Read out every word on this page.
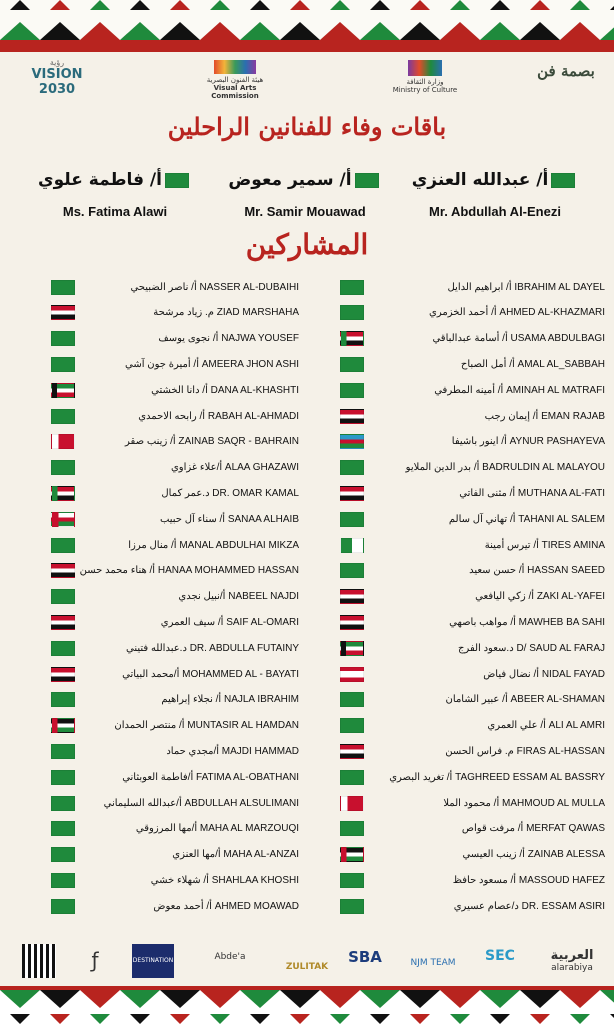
رؤية
VISION 2030
هيئة الفنون البصرية
Visual Arts Commission
وزارة الثقافة
Ministry of Culture
بصمة فن
باقات وفاء للفنانين الراحلين
أ/ عبدالله العنزي
Mr. Abdullah Al-Enezi
أ/ سمير معوض
Mr. Samir Mouawad
أ/ فاطمة علوي
Ms. Fatima Alawi
المشاركين
أ/ ابراهيم الدايل IBRAHIM AL DAYEL
أ/ أحمد الخزمري AHMED AL-KHAZMARI
أ/ أسامة عبدالباقي USAMA ABDULBAGI
أ/ أمل الصباح AMAL AL_SABBAH
أ/ أمينه المطرفي AMINAH AL MATRAFI
أ/ إيمان رجب EMAN RAJAB
أ/ اينور باشيفا AYNUR PASHAYEVA
أ/ بدر الدين الملايو BADRULDIN AL MALAYOU
أ/ مثنى الفاتي MUTHANA AL-FATI
أ/ تهاني آل سالم TAHANI AL SALEM
أ/ تيرس أمينة TIRES AMINA
أ/ حسن سعيد HASSAN SAEED
أ/ زكي اليافعي ZAKI AL-YAFEI
أ/ مواهب باصهي MAWHEB BA SAHI
د.سعود الفرج D/ SAUD AL FARAJ
أ/ نضال فياض NIDAL FAYAD
أ/ عبير الشامان ABEER AL-SHAMAN
أ/ علي العمري ALI AL AMRI
م. فراس الحسن FIRAS AL-HASSAN
أ/ تغريد البصري TAGHREED ESSAM AL BASSRY
أ/ محمود الملا MAHMOUD AL MULLA
أ/ مرفت قواص MERFAT QAWAS
أ/ زينب العيسي ZAINAB ALESSA
أ/ مسعود حافظ MASSOUD HAFEZ
د/عصام عسيري DR. ESSAM ASIRI
أ/ ناصر الضبيحي NASSER AL-DUBAIHI
م. زياد مرشحة ZIAD MARSHAHA
أ/ نجوى يوسف NAJWA YOUSEF
أ/ أميرة جون آشي AMEERA JHON ASHI
أ/ دانا الخشتي DANA AL-KHASHTI
أ/ رابحه الاحمدي RABAH AL-AHMADI
أ/ زينب صقر ZAINAB SAQR - BAHRAIN
أ/علاء غزاوي ALAA GHAZAWI
د.عمر كمال DR. OMAR KAMAL
أ/ سناء آل حبيب SANAA ALHAIB
أ/ منال مرزا MANAL ABDULHAI MIKZA
أ/ هناء محمد حسن HANAA MOHAMMED HASSAN
أ/نبيل نجدي NABEEL NAJDI
أ/ سيف العمري SAIF AL-OMARI
د.عبدالله فتيني DR. ABDULLA FUTAINY
أ/محمد البياتي MOHAMMED AL - BAYATI
أ/ نجلاء إبراهيم NAJLA IBRAHIM
أ/ منتصر الحمدان MUNTASIR AL HAMDAN
أ/مجدي حماد MAJDI HAMMAD
أ/فاطمة العوبثاني FATIMA AL-OBATHANI
أ/عبدالله السليماني ABDULLAH ALSULIMANI
أ/مها المرزوقي MAHA AL MARZOUQI
أ/مها العنزي MAHA AL-ANZAI
أ/ شهلاء خشي SHAHLAA KHOSHI
أ/ أحمد معوض AHMED MOAWAD
العربية
alarabiya
SEC
NJM TEAM
SBA
ZULITAK
Abde'a
DESTINATION
ƒ
